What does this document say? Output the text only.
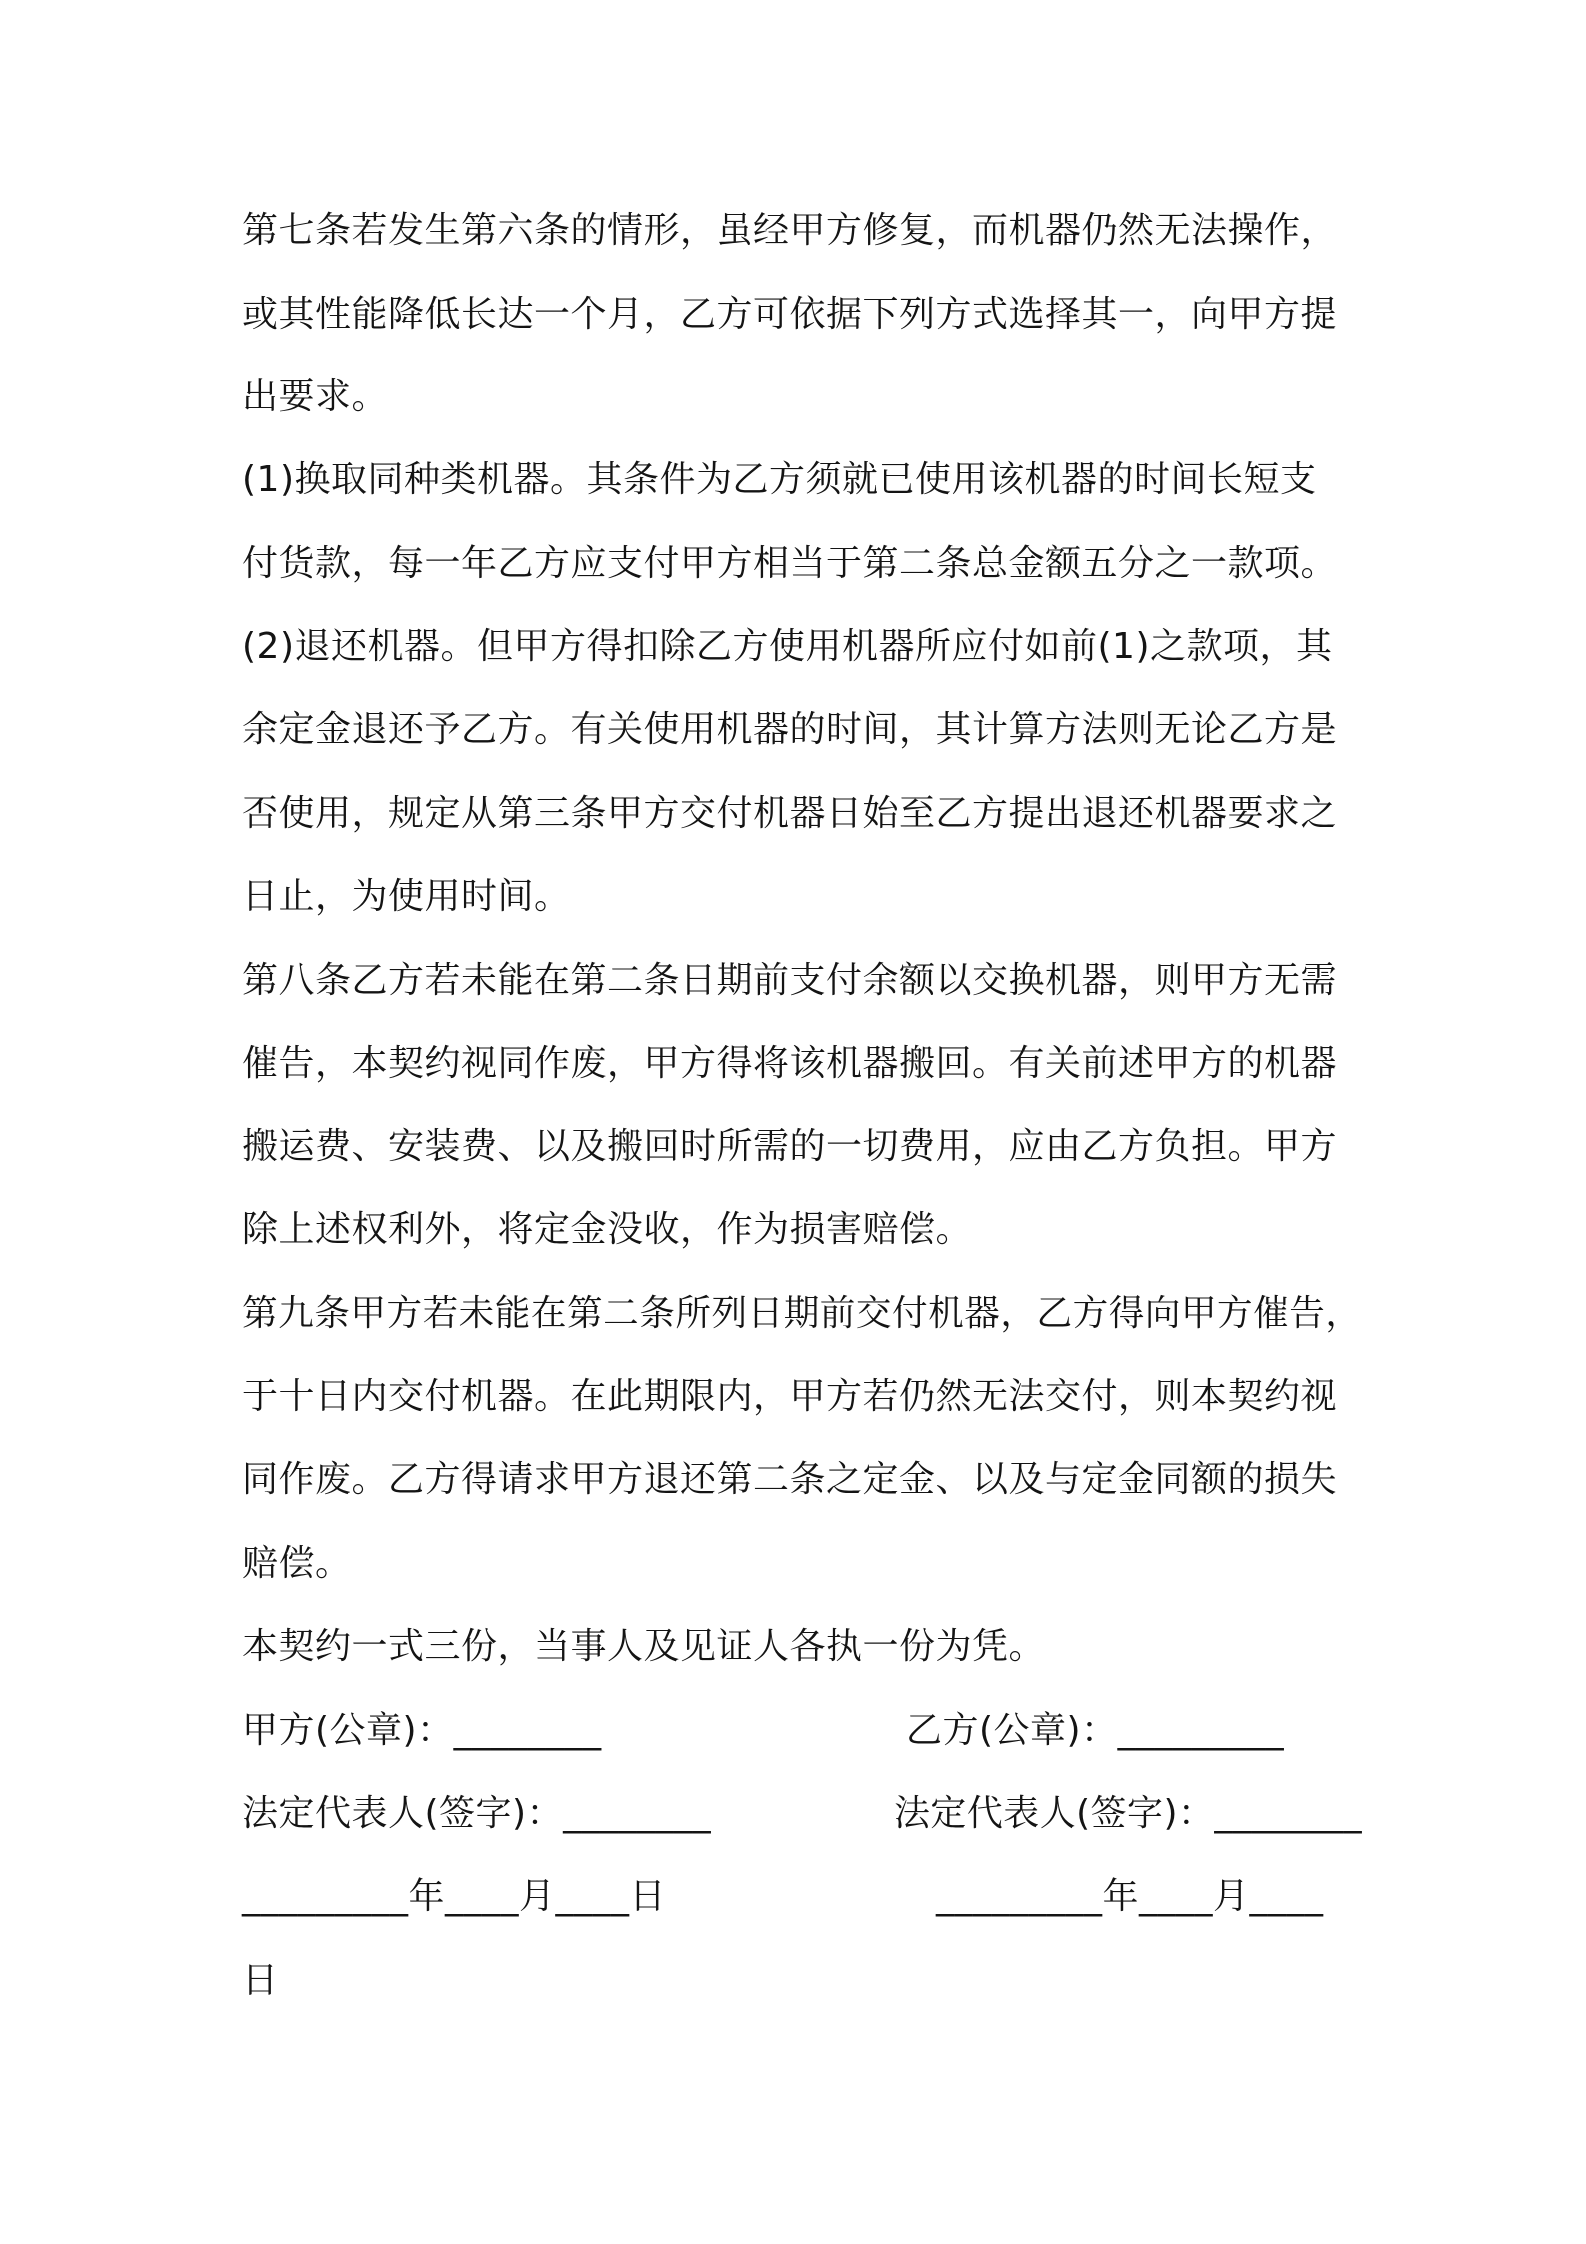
第七条若发生第六条的情形，虽经甲方修复，而机器仍然无法操作，
或其性能降低长达一个月，乙方可依据下列方式选择其一，向甲方提
出要求。
(1)换取同种类机器。其条件为乙方须就已使用该机器的时间长短支
付货款，每一年乙方应支付甲方相当于第二条总金额五分之一款项。
(2)退还机器。但甲方得扣除乙方使用机器所应付如前(1)之款项，其
余定金退还予乙方。有关使用机器的时间，其计算方法则无论乙方是
否使用，规定从第三条甲方交付机器日始至乙方提出退还机器要求之
日止，为使用时间。
第八条乙方若未能在第二条日期前支付余额以交换机器，则甲方无需
催告，本契约视同作废，甲方得将该机器搬回。有关前述甲方的机器
搬运费、安装费、以及搬回时所需的一切费用，应由乙方负担。甲方
除上述权利外，将定金没收，作为损害赔偿。
第九条甲方若未能在第二条所列日期前交付机器，乙方得向甲方催告，
于十日内交付机器。在此期限内，甲方若仍然无法交付，则本契约视
同作废。乙方得请求甲方退还第二条之定金、以及与定金同额的损失
赔偿。
本契约一式三份，当事人及见证人各执一份为凭。
甲方(公章)：________	乙方(公章)：_________
法定代表人(签字)：________	法定代表人(签字)：________
_________年____月____日	_________年____月____
日
